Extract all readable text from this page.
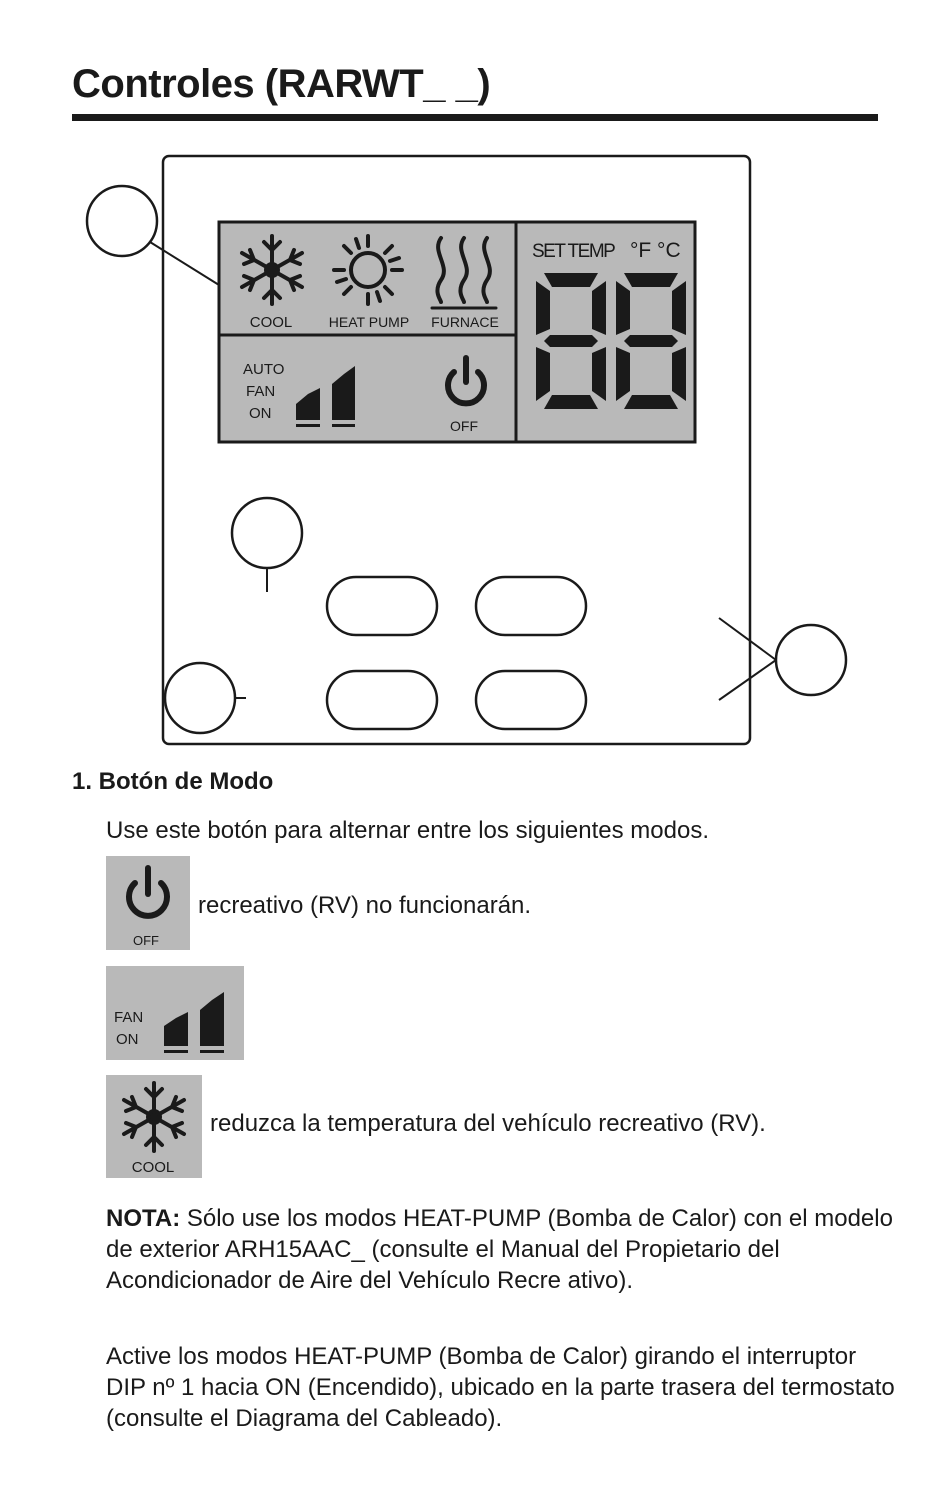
Controles (RARWT_ _)
COOL	HEAT PUMP FURNACE
AUTO
FAN
ON
OFF
SET TEMP °F °C
1. Botón de Modo

Use este botón para alternar entre los siguientes modos.

OFF

recreativo (RV) no funcionarán.

FAN
ON
COOL

reduzca la temperatura del vehículo recreativo (RV).

NOTA: Sólo use los modos HEAT-PUMP (Bomba de Calor) con el modelo de exterior ARH15AAC_ (consulte el Manual del Propietario del Acondicionador de Aire del Vehículo Recre ativo).

Active los modos HEAT-PUMP (Bomba de Calor) girando el interruptor DIP nº 1 hacia ON (Encendido), ubicado en la parte trasera del termostato (consulte el Diagrama del Cableado).
